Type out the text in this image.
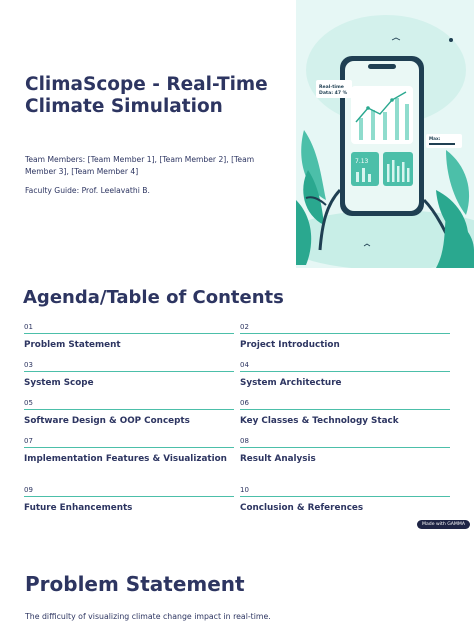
ClimaScope - Real-Time Climate Simulation
Team Members: [Team Member 1], [Team Member 2], [Team Member 3], [Team Member 4]
Faculty Guide: Prof. Leelavathi B.
7.13
Real-time
Data: 47 %
Max:
Agenda/Table of Contents
01
Problem Statement
02
Project Introduction
03
System Scope
04
System Architecture
05
Software Design & OOP Concepts
06
Key Classes & Technology Stack
07
Implementation Features & Visualization
08
Result Analysis
09
Future Enhancements
10
Conclusion & References
Made with GAMMA
Problem Statement
The difficulty of visualizing climate change impact in real-time.
